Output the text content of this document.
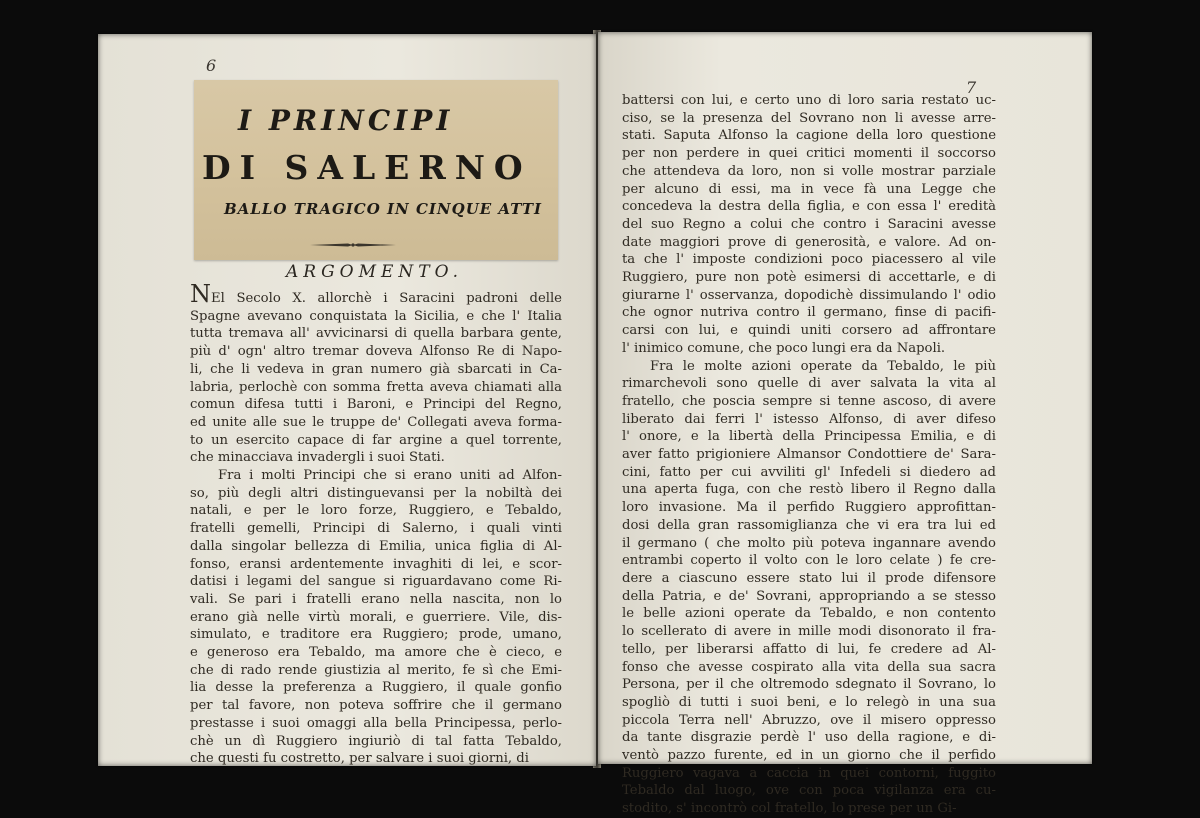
6
I PRINCIPI
DI SALERNO
BALLO TRAGICO IN CINQUE ATTI
ARGOMENTO.
NEl Secolo X. allorchè i Saracini padroni delle
Spagne avevano conquistata la Sicilia, e che l' Italia
tutta tremava all' avvicinarsi di quella barbara gente,
più d' ogn' altro tremar doveva Alfonso Re di Napo-
li, che li vedeva in gran numero già sbarcati in Ca-
labria, perlochè con somma fretta aveva chiamati alla
comun difesa tutti i Baroni, e Principi del Regno,
ed unite alle sue le truppe de' Collegati aveva forma-
to un esercito capace di far argine a quel torrente,
che minacciava invadergli i suoi Stati.
Fra i molti Principi che si erano uniti ad Alfon-
so, più degli altri distinguevansi per la nobiltà dei
natali, e per le loro forze, Ruggiero, e Tebaldo,
fratelli gemelli, Principi di Salerno, i quali vinti
dalla singolar bellezza di Emilia, unica figlia di Al-
fonso, eransi ardentemente invaghiti di lei, e scor-
datisi i legami del sangue si riguardavano come Ri-
vali. Se pari i fratelli erano nella nascita, non lo
erano già nelle virtù morali, e guerriere. Vile, dis-
simulato, e traditore era Ruggiero; prode, umano,
e generoso era Tebaldo, ma amore che è cieco, e
che di rado rende giustizia al merito, fe sì che Emi-
lia desse la preferenza a Ruggiero, il quale gonfio
per tal favore, non poteva soffrire che il germano
prestasse i suoi omaggi alla bella Principessa, perlo-
chè un dì Ruggiero ingiuriò di tal fatta Tebaldo,
che questi fu costretto, per salvare i suoi giorni, di
7
battersi con lui, e certo uno di loro saria restato uc-
ciso, se la presenza del Sovrano non li avesse arre-
stati. Saputa Alfonso la cagione della loro questione
per non perdere in quei critici momenti il soccorso
che attendeva da loro, non si volle mostrar parziale
per alcuno di essi, ma in vece fà una Legge che
concedeva la destra della figlia, e con essa l' eredità
del suo Regno a colui che contro i Saracini avesse
date maggiori prove di generosità, e valore. Ad on-
ta che l' imposte condizioni poco piacessero al vile
Ruggiero, pure non potè esimersi di accettarle, e di
giurarne l' osservanza, dopodichè dissimulando l' odio
che ognor nutriva contro il germano, finse di pacifi-
carsi con lui, e quindi uniti corsero ad affrontare
l' inimico comune, che poco lungi era da Napoli.
Fra le molte azioni operate da Tebaldo, le più
rimarchevoli sono quelle di aver salvata la vita al
fratello, che poscia sempre si tenne ascoso, di avere
liberato dai ferri l' istesso Alfonso, di aver difeso
l' onore, e la libertà della Principessa Emilia, e di
aver fatto prigioniere Almansor Condottiere de' Sara-
cini, fatto per cui avviliti gl' Infedeli si diedero ad
una aperta fuga, con che restò libero il Regno dalla
loro invasione. Ma il perfido Ruggiero approfittan-
dosi della gran rassomiglianza che vi era tra lui ed
il germano ( che molto più poteva ingannare avendo
entrambi coperto il volto con le loro celate ) fe cre-
dere a ciascuno essere stato lui il prode difensore
della Patria, e de' Sovrani, appropriando a se stesso
le belle azioni operate da Tebaldo, e non contento
lo scellerato di avere in mille modi disonorato il fra-
tello, per liberarsi affatto di lui, fe credere ad Al-
fonso che avesse cospirato alla vita della sua sacra
Persona, per il che oltremodo sdegnato il Sovrano, lo
spogliò di tutti i suoi beni, e lo relegò in una sua
piccola Terra nell' Abruzzo, ove il misero oppresso
da tante disgrazie perdè l' uso della ragione, e di-
ventò pazzo furente, ed in un giorno che il perfido
Ruggiero vagava a caccia in quei contorni, fuggito
Tebaldo dal luogo, ove con poca vigilanza era cu-
stodito, s' incontrò col fratello, lo prese per un Gi-
